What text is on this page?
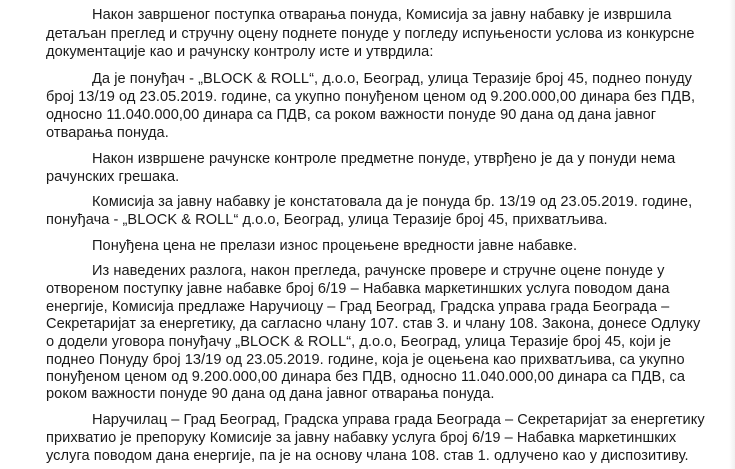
Након завршеног поступка отварања понуда, Комисија за јавну набавку је извршила
детаљан преглед и стручну оцену поднете понуде у погледу испуњености услова из конкурсне
документације као и рачунску контролу исте и утврдила:
Да је понуђач - „BLOCK & ROLL“, д.о.о, Београд, улица Теразије број 45, поднео понуду
број 13/19 од 23.05.2019. године, са укупно понуђеном ценом од 9.200.000,00 динара без ПДВ,
односно 11.040.000,00 динара са ПДВ, са роком важности понуде 90 дана од дана јавног
отварања понуда.
Након извршене рачунске контроле предметне понуде, утврђено је да у понуди нема
рачунских грешака.
Комисија за јавну набавку је констатовала да је понуда бр. 13/19 од 23.05.2019. године,
понуђача - „BLOCK & ROLL“ д.о.о, Београд, улица Теразије број 45, прихватљива.
Понуђена цена не прелази износ процењене вредности јавне набавке.
Из наведених разлога, након прегледа, рачунске провере и стручне оцене понуде у
отвореном поступку јавне набавке број 6/19 – Набавка маркетиншких услуга поводом дана
енергије, Комисија предлаже Наручиоцу – Град Београд, Градска управа града Београда –
Секретаријат за енергетику, да сагласно члану 107. став 3. и члану 108. Закона, донесе Одлуку
о додели уговора понуђачу „BLOCK & ROLL“, д.о.о, Београд, улица Теразије број 45, који је
поднео Понуду број 13/19 од 23.05.2019. године, која је оцењена као прихватљива, са укупно
понуђеном ценом од 9.200.000,00 динара без ПДВ, односно 11.040.000,00 динара са ПДВ, са
роком важности понуде 90 дана од дана јавног отварања понуда.
Наручилац – Град Београд, Градска управа града Београда – Секретаријат за енергетику
прихватио је препоруку Комисије за јавну набавку услуга број 6/19 – Набавка маркетиншких
услуга поводом дана енергије, па је на основу члана 108. став 1. одлучено као у диспозитиву.
